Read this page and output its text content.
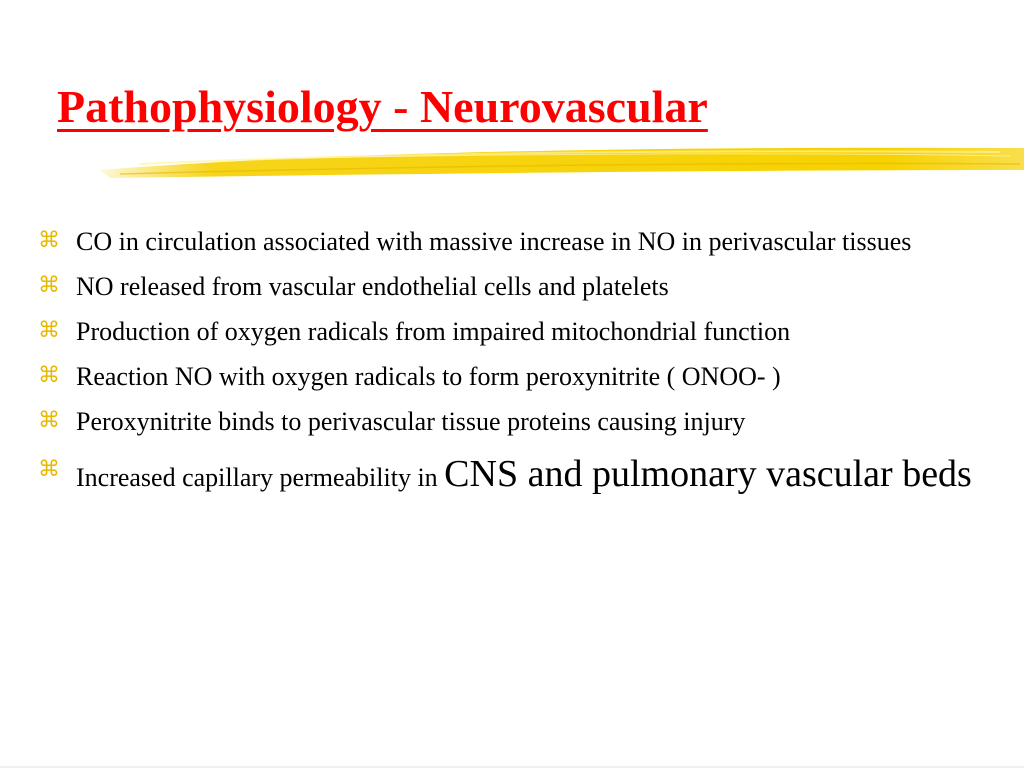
Pathophysiology - Neurovascular
⌘ CO in circulation associated with massive increase in NO in perivascular tissues
⌘ NO released from vascular endothelial cells and platelets
⌘ Production of oxygen radicals from impaired mitochondrial function
⌘ Reaction NO with oxygen radicals to form peroxynitrite ( ONOO- )
⌘ Peroxynitrite binds to perivascular tissue proteins causing injury
⌘ Increased capillary permeability in CNS and pulmonary vascular beds
